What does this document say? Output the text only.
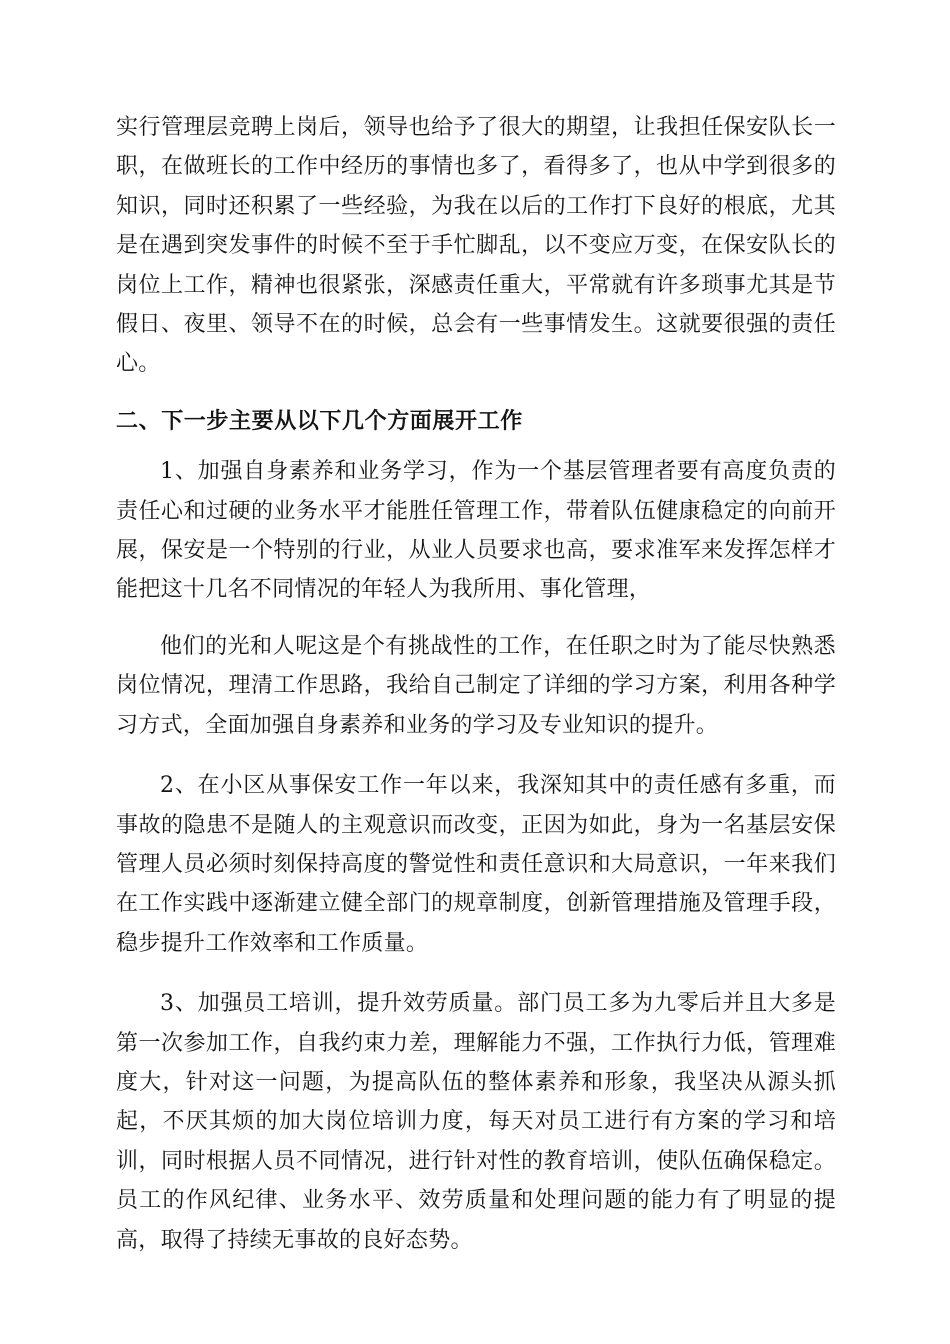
实行管理层竞聘上岗后，领导也给予了很大的期望，让我担任保安队长一职，在做班长的工作中经历的事情也多了，看得多了，也从中学到很多的知识，同时还积累了一些经验，为我在以后的工作打下良好的根底，尤其是在遇到突发事件的时候不至于手忙脚乱，以不变应万变，在保安队长的岗位上工作，精神也很紧张，深感责任重大，平常就有许多琐事尤其是节假日、夜里、领导不在的时候，总会有一些事情发生。这就要很强的责任心。

二、下一步主要从以下几个方面展开工作

1、加强自身素养和业务学习，作为一个基层管理者要有高度负责的责任心和过硬的业务水平才能胜任管理工作，带着队伍健康稳定的向前开展，保安是一个特别的行业，从业人员要求也高，要求准军来发挥怎样才能把这十几名不同情况的年轻人为我所用、事化管理，

他们的光和人呢这是个有挑战性的工作，在任职之时为了能尽快熟悉岗位情况，理清工作思路，我给自己制定了详细的学习方案，利用各种学习方式，全面加强自身素养和业务的学习及专业知识的提升。

2、在小区从事保安工作一年以来，我深知其中的责任感有多重，而事故的隐患不是随人的主观意识而改变，正因为如此，身为一名基层安保管理人员必须时刻保持高度的警觉性和责任意识和大局意识，一年来我们在工作实践中逐渐建立健全部门的规章制度，创新管理措施及管理手段，稳步提升工作效率和工作质量。

3、加强员工培训，提升效劳质量。部门员工多为九零后并且大多是第一次参加工作，自我约束力差，理解能力不强，工作执行力低，管理难度大，针对这一问题，为提高队伍的整体素养和形象，我坚决从源头抓起，不厌其烦的加大岗位培训力度，每天对员工进行有方案的学习和培训，同时根据人员不同情况，进行针对性的教育培训，使队伍确保稳定。员工的作风纪律、业务水平、效劳质量和处理问题的能力有了明显的提高，取得了持续无事故的良好态势。
